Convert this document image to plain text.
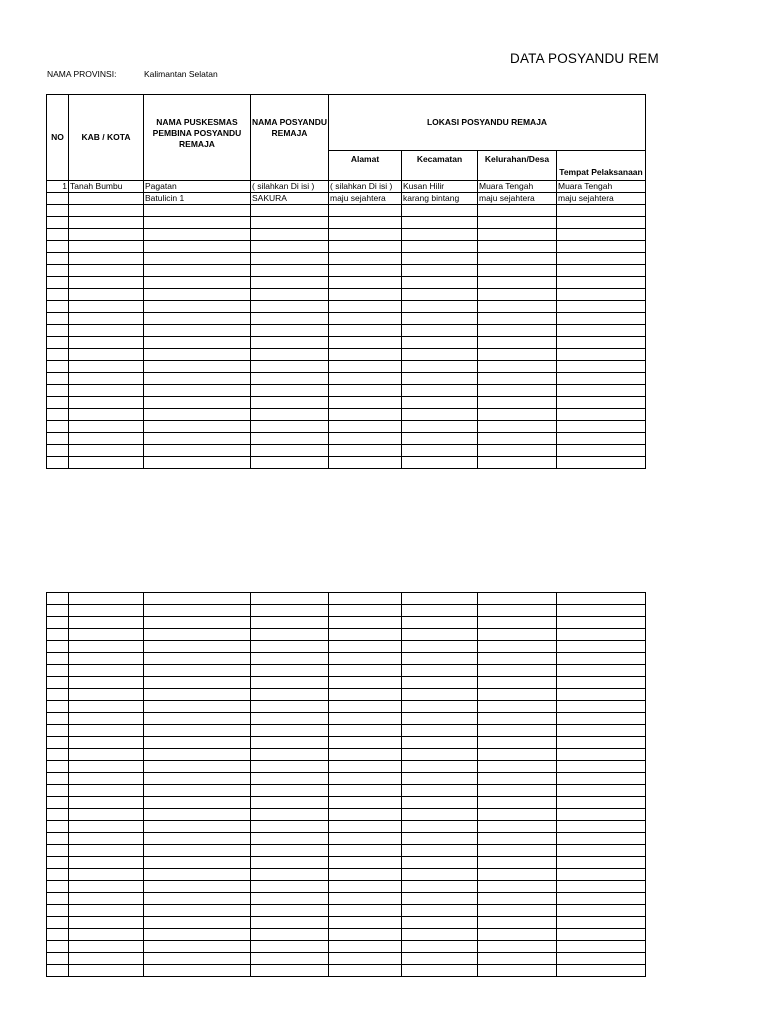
DATA POSYANDU REM
NAMA PROVINSI:	Kalimantan Selatan
NO	KAB / KOTA	NAMA PUSKESMAS PEMBINA POSYANDU REMAJA	NAMA POSYANDU REMAJA	LOKASI POSYANDU REMAJA			
				Alamat	Kecamatan	Kelurahan/Desa	Tempat Pelaksanaan
1	Tanah Bumbu	Pagatan	( silahkan Di isi )	( silahkan Di isi )	Kusan Hilir	Muara Tengah	Muara Tengah
		Batulicin 1	SAKURA	maju sejahtera	karang bintang	maju sejahtera	maju sejahtera
